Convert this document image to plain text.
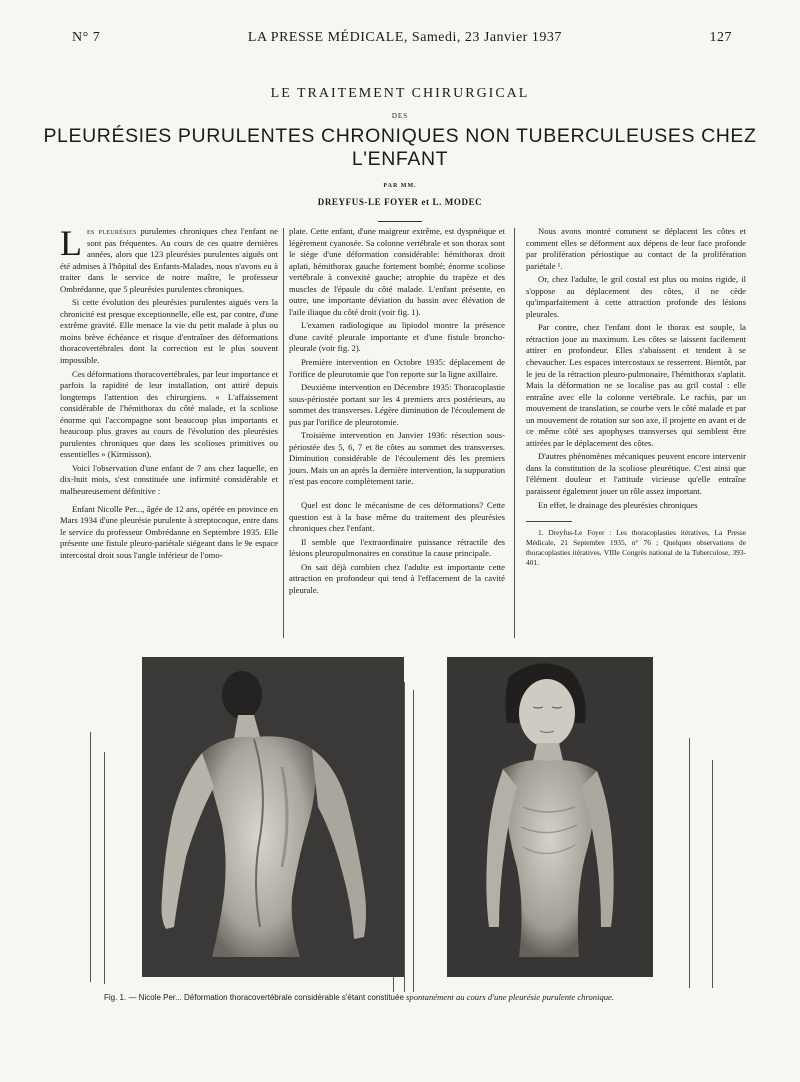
N° 7	LA PRESSE MÉDICALE, Samedi, 23 Janvier 1937	127
LE TRAITEMENT CHIRURGICAL
DES
PLEURÉSIES PURULENTES CHRONIQUES NON TUBERCULEUSES CHEZ L'ENFANT
PAR MM.
DREYFUS-LE FOYER et L. MODEC

Les pleurésies purulentes chroniques chez l'enfant ne sont pas fréquentes. Au cours de ces quatre dernières années, alors que 123 pleurésies purulentes aiguës ont été admises à l'hôpital des Enfants-Malades, nous n'avons eu à traiter dans le service de notre maître, le professeur Ombrédanne, que 5 pleurésies purulentes chroniques.

Si cette évolution des pleurésies purulentes aiguës vers la chronicité est presque exceptionnelle, elle est, par contre, d'une extrême gravité. Elle menace la vie du petit malade à plus ou moins brève échéance et risque d'entraîner des déformations thoracovertébrales dont la correction est le plus souvent impossible.

Ces déformations thoracovertébrales, par leur importance et parfois la rapidité de leur installation, ont attiré depuis longtemps l'attention des chirurgiens. « L'affaissement considérable de l'hémithorax du côté malade, et la scoliose énorme qui l'accompagne sont beaucoup plus importants et beaucoup plus graves au cours de l'évolution des pleurésies purulentes chroniques que dans les scolioses primitives ou essentielles » (Kirmisson).

Voici l'observation d'une enfant de 7 ans chez laquelle, en dix-huit mois, s'est constituée une infirmité considérable et malheureusement définitive :

Enfant Nicolle Per..., âgée de 12 ans, opérée en province en Mars 1934 d'une pleurésie purulente à streptocoque, entre dans le service du professeur Ombrédanne en Septembre 1935. Elle présente une fistule pleuro-pariétale siégeant dans le 9e espace intercostal droit sous l'angle inférieur de l'omo-

plate. Cette enfant, d'une maigreur extrême, est dyspnéique et légèrement cyanosée. Sa colonne vertébrale et son thorax sont le siège d'une déformation considérable: hémithorax droit aplati, hémithorax gauche fortement bombé; énorme scoliose vertébrale à convexité gauche; atrophie du trapèze et des muscles de l'épaule du côté malade. L'enfant présente, en outre, une importante déviation du bassin avec élévation de l'aile iliaque du côté droit (voir fig. 1).

L'examen radiologique au lipiodol montre la présence d'une cavité pleurale importante et d'une fistule broncho-pleurale (voir fig. 2).

Première intervention en Octobre 1935: déplacement de l'orifice de pleurotomie que l'on reporte sur la ligne axillaire.

Deuxième intervention en Décembre 1935: Thoracoplastie sous-périostée portant sur les 4 premiers arcs postérieurs, au sommet des transverses. Légère diminution de l'écoulement de pus par l'orifice de pleurotomie.

Troisième intervention en Janvier 1936: résection sous-périostée des 5, 6, 7 et 8e côtes au sommet des transverses. Diminution considérable de l'écoulement dès les premiers jours. Mais un an après la dernière intervention, la suppuration n'est pas encore complètement tarie.

Quel est donc le mécanisme de ces déformations? Cette question est à la base même du traitement des pleurésies chroniques chez l'enfant.

Il semble que l'extraordinaire puissance rétractile des lésions pleuropulmonaires en constitue la cause principale.

On sait déjà combien chez l'adulte est importante cette attraction en profondeur qui tend à l'effacement de la cavité pleurale.

Nous avons montré comment se déplacent les côtes et comment elles se déforment aux dépens de leur face profonde par prolifération périostique au contact de la prolifération pariétale ¹.

Or, chez l'adulte, le gril costal est plus ou moins rigide, il s'oppose au déplacement des côtes, il ne cède qu'imparfaitement à cette attraction profonde des lésions pleurales.

Par contre, chez l'enfant dont le thorax est souple, la rétraction joue au maximum. Les côtes se laissent facilement attirer en profondeur. Elles s'abaissent et tendent à se chevaucher. Les espaces intercostaux se resserrent. Bientôt, par le jeu de la rétraction pleuro-pulmonaire, l'hémithorax s'aplatit. Mais la déformation ne se localise pas au gril costal : elle entraîne avec elle la colonne vertébrale. Le rachis, par un mouvement de translation, se courbe vers le côté malade et par un mouvement de rotation sur son axe, il projette en avant et de ce même côté ses apophyses transverses qui semblent être attirées par le déplacement des côtes.

D'autres phénomènes mécaniques peuvent encore intervenir dans la constitution de la scoliose pleurétique. C'est ainsi que l'élément douleur et l'attitude vicieuse qu'elle entraîne paraissent également jouer un rôle assez important.

En effet, le drainage des pleurésies chroniques

1. Dreyfus-Le Foyer : Les thoracoplasties itératives, La Presse Médicale, 21 Septembre 1935, n° 76 ; Quelques observations de thoracoplasties itératives. VIIIe Congrès national de la Tuberculose, 393-401.

Fig. 1. — Nicole Per... Déformation thoracovertébrale considérable s'étant constituée spontanément au cours d'une pleurésie purulente chronique.
